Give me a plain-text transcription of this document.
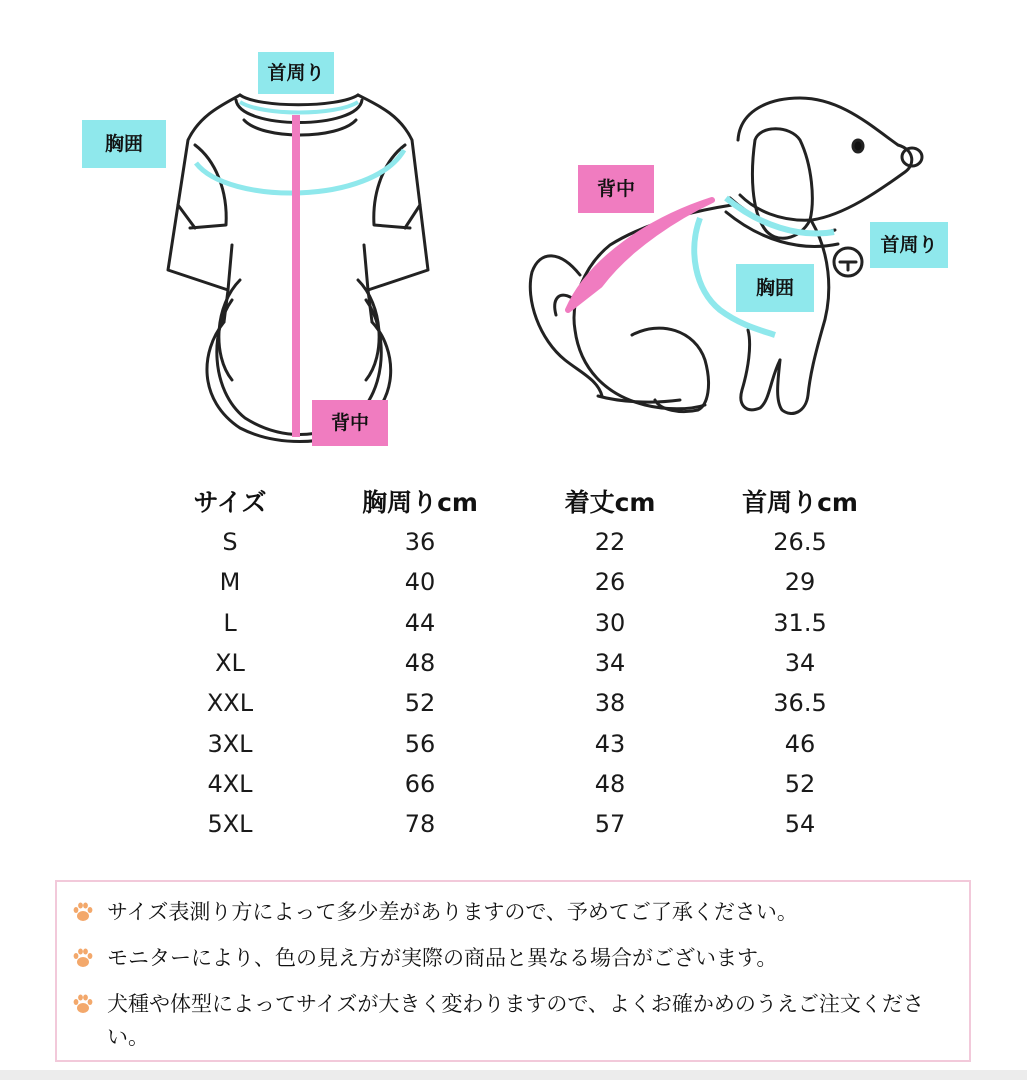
首周り
胸囲
背中
背中
首周り
胸囲
サイズ	胸周りcm	着丈cm	首周りcm
S	36	22	26.5
M	40	26	29
L	44	30	31.5
XL	48	34	34
XXL	52	38	36.5
3XL	56	43	46
4XL	66	48	52
5XL	78	57	54
サイズ表測り方によって多少差がありますので、予めてご了承ください。
モニターにより、色の見え方が実際の商品と異なる場合がございます。
犬種や体型によってサイズが大きく変わりますので、よくお確かめのうえご注文ください。
